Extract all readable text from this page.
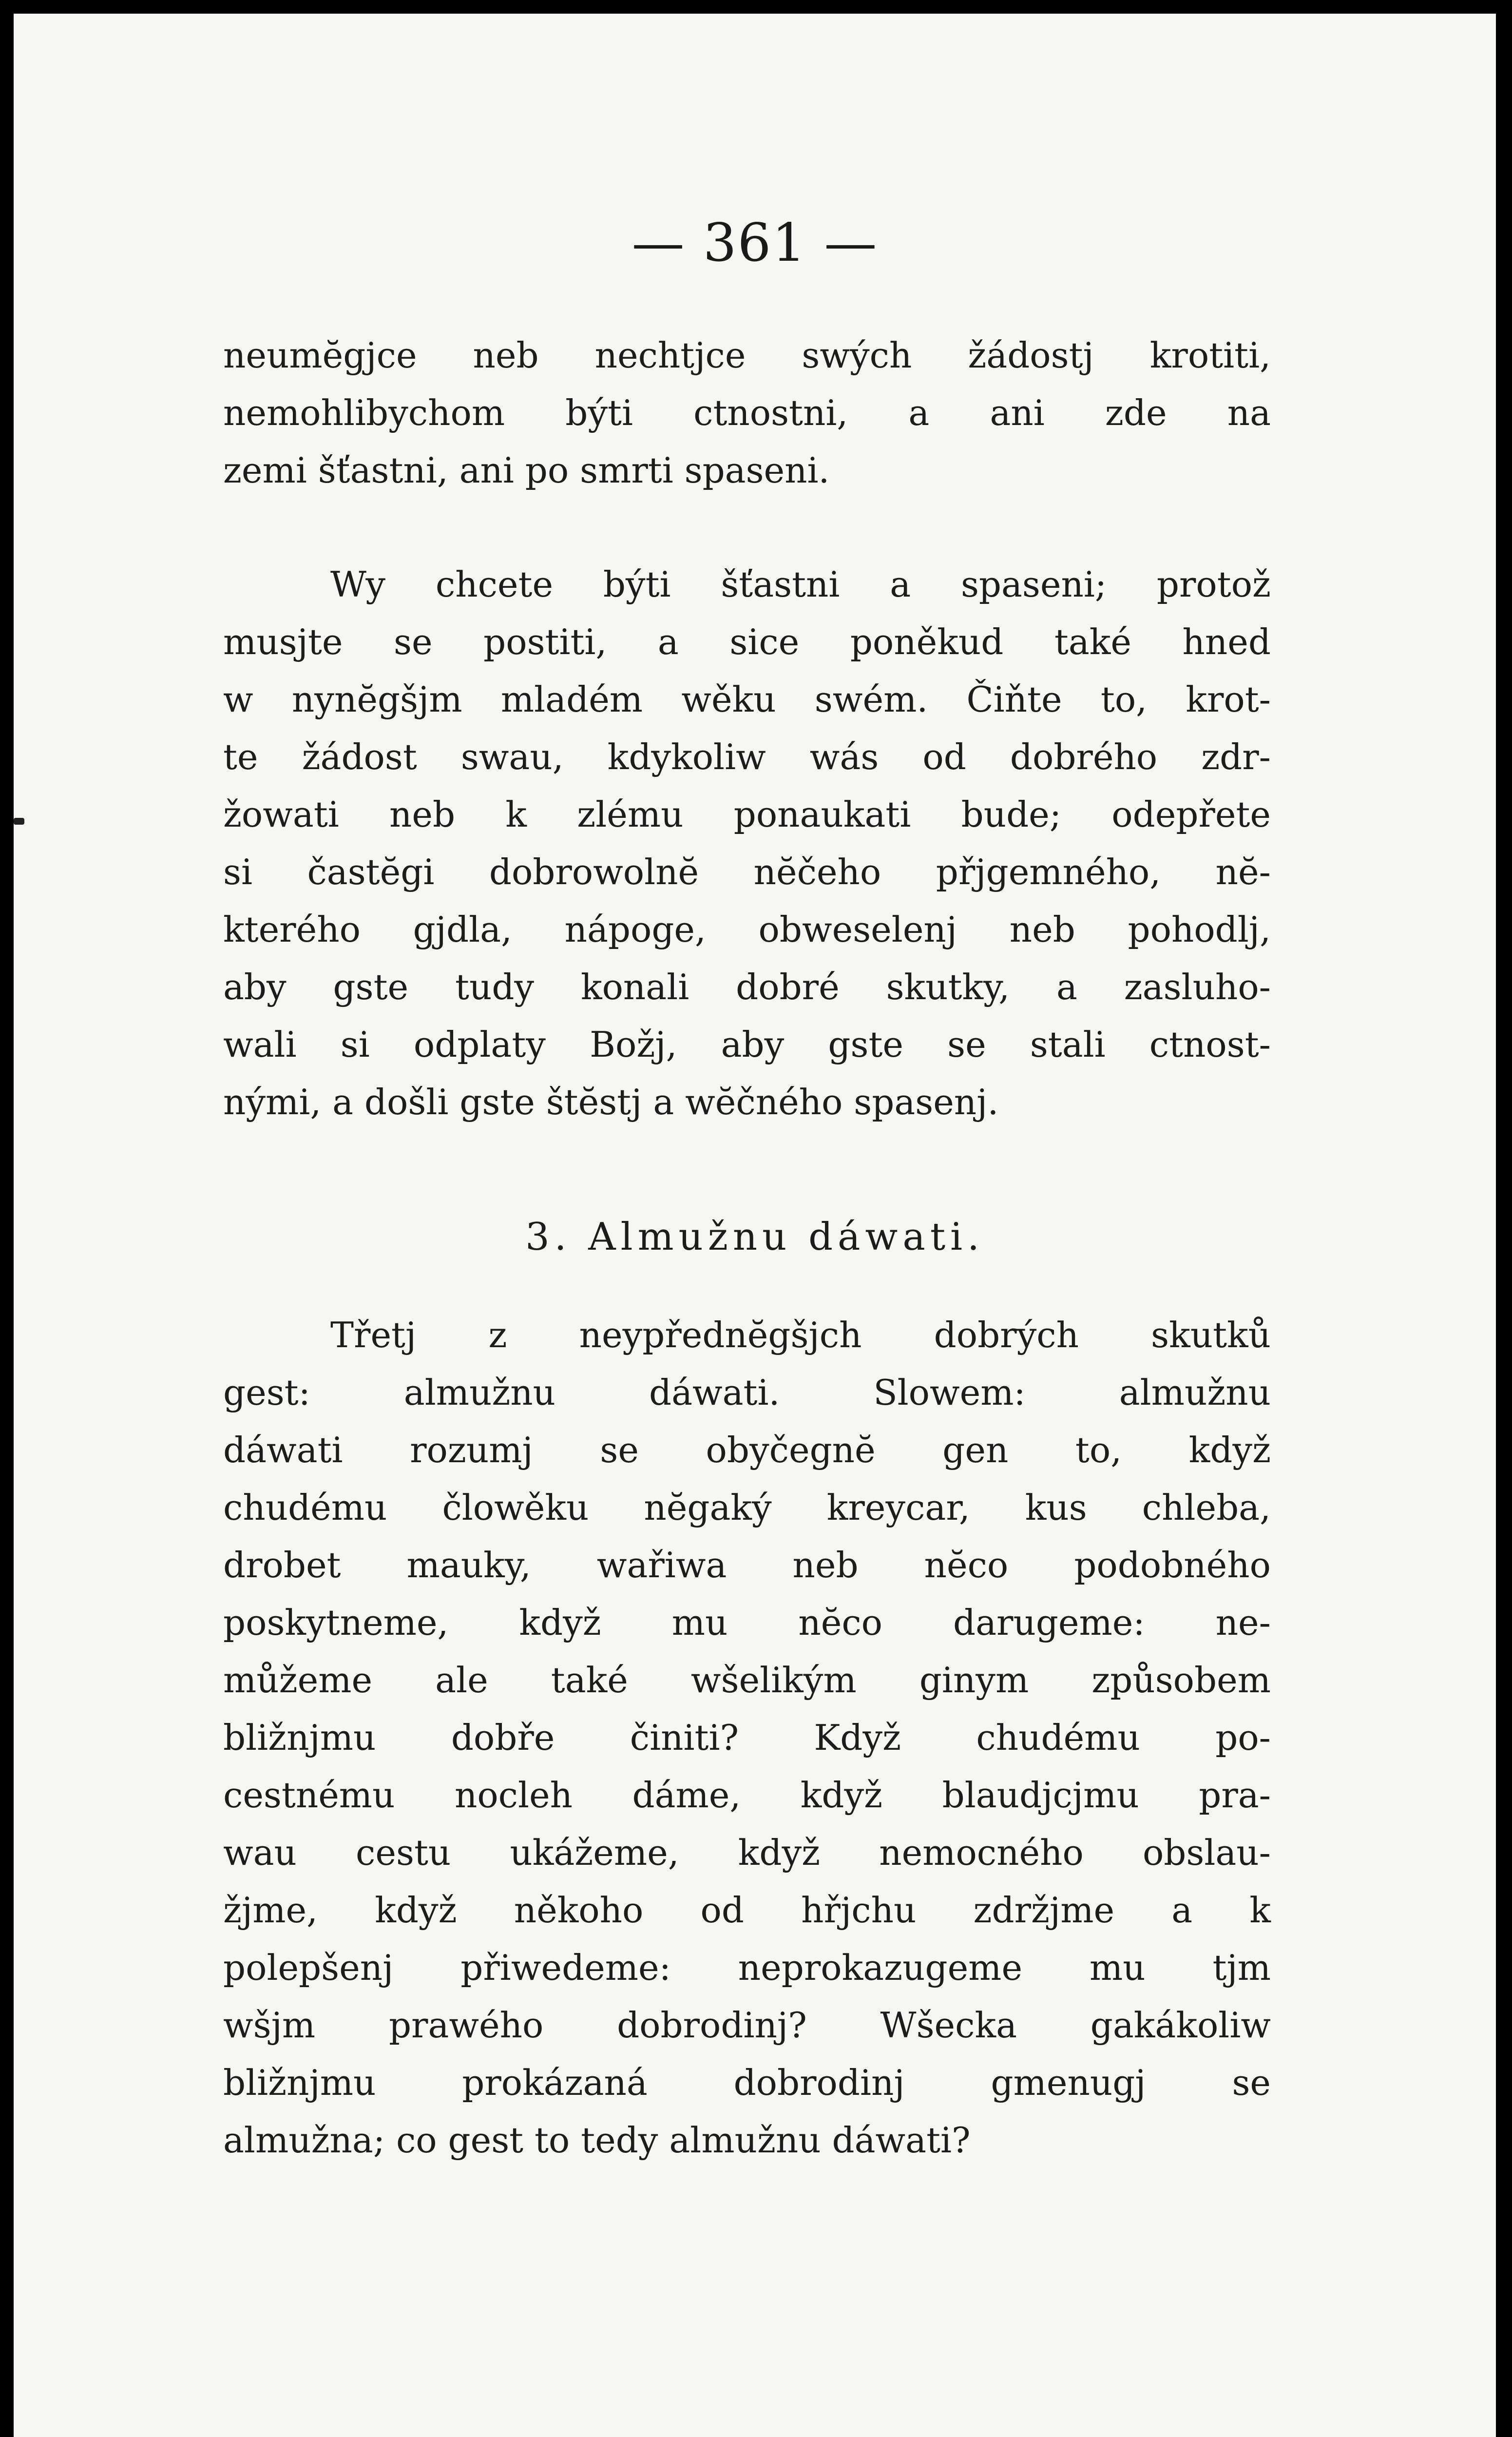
— 361 —
neumĕgjce neb nechtjce swých žádostj krotiti,
nemohlibychom býti ctnostni, a ani zde na
zemi šťastni, ani po smrti spaseni.
Wy chcete býti šťastni a spaseni; protož
musjte se postiti, a sice poněkud také hned
w nynĕgšjm mladém wěku swém. Čiňte to, krot-
te žádost swau, kdykoliw wás od dobrého zdr-
žowati neb k zlému ponaukati bude; odepřete
si častĕgi dobrowolnĕ nĕčeho přjgemného, nĕ-
kterého gjdla, nápoge, obweselenj neb pohodlj,
aby gste tudy konali dobré skutky, a zasluho-
wali si odplaty Božj, aby gste se stali ctnost-
nými, a došli gste štĕstj a wĕčného spasenj.
3. Almužnu dáwati.
Třetj z neypřednĕgšjch dobrých skutků
gest: almužnu dáwati. Slowem: almužnu
dáwati rozumj se obyčegnĕ gen to, když
chudému člowěku nĕgaký kreycar, kus chleba,
drobet mauky, wařiwa neb nĕco podobného
poskytneme, když mu nĕco darugeme: ne-
můžeme ale také wšelikým ginym způsobem
bližnjmu dobře činiti? Když chudému po-
cestnému nocleh dáme, když blaudjcjmu pra-
wau cestu ukážeme, když nemocného obslau-
žjme, když někoho od hřjchu zdržjme a k
polepšenj přiwedeme: neprokazugeme mu tjm
wšjm prawého dobrodinj? Wšecka gakákoliw
bližnjmu prokázaná dobrodinj gmenugj se
almužna; co gest to tedy almužnu dáwati?
